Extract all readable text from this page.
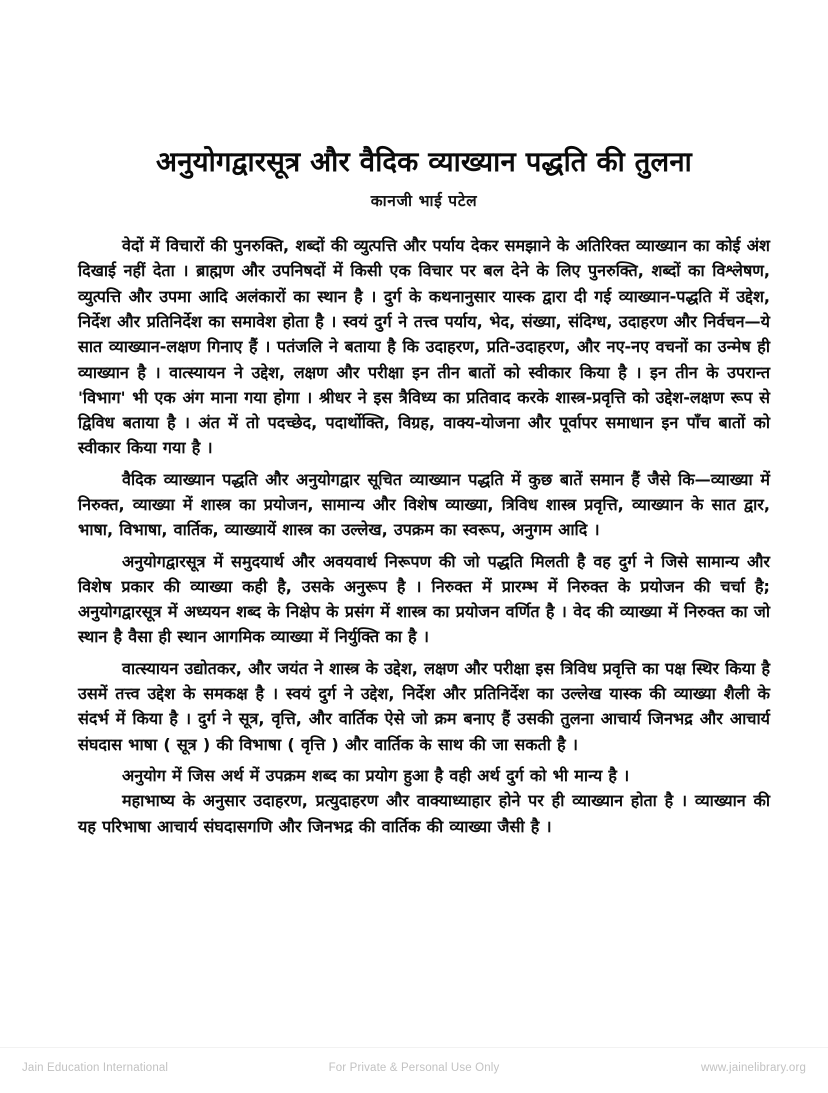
अनुयोगद्वारसूत्र और वैदिक व्याख्यान पद्धति की तुलना
कानजी भाई पटेल

वेदों में विचारों की पुनरुक्ति, शब्दों की व्युत्पत्ति और पर्याय देकर समझाने के अतिरिक्त व्याख्यान का कोई अंश दिखाई नहीं देता । ब्राह्मण और उपनिषदों में किसी एक विचार पर बल देने के लिए पुनरुक्ति, शब्दों का विश्लेषण, व्युत्पत्ति और उपमा आदि अलंकारों का स्थान है । दुर्ग के कथनानुसार यास्क द्वारा दी गई व्याख्यान-पद्धति में उद्देश, निर्देश और प्रतिनिर्देश का समावेश होता है । स्वयं दुर्ग ने तत्त्व पर्याय, भेद, संख्या, संदिग्ध, उदाहरण और निर्वचन—ये सात व्याख्यान-लक्षण गिनाए हैं । पतंजलि ने बताया है कि उदाहरण, प्रति-उदाहरण, और नए-नए वचनों का उन्मेष ही व्याख्यान है । वात्स्यायन ने उद्देश, लक्षण और परीक्षा इन तीन बातों को स्वीकार किया है । इन तीन के उपरान्त 'विभाग' भी एक अंग माना गया होगा । श्रीधर ने इस त्रैविध्य का प्रतिवाद करके शास्त्र-प्रवृत्ति को उद्देश-लक्षण रूप से द्विविध बताया है । अंत में तो पदच्छेद, पदार्थोक्ति, विग्रह, वाक्य-योजना और पूर्वापर समाधान इन पाँच बातों को स्वीकार किया गया है ।

वैदिक व्याख्यान पद्धति और अनुयोगद्वार सूचित व्याख्यान पद्धति में कुछ बातें समान हैं जैसे कि—व्याख्या में निरुक्त, व्याख्या में शास्त्र का प्रयोजन, सामान्य और विशेष व्याख्या, त्रिविध शास्त्र प्रवृत्ति, व्याख्यान के सात द्वार, भाषा, विभाषा, वार्तिक, व्याख्यायें शास्त्र का उल्लेख, उपक्रम का स्वरूप, अनुगम आदि ।

अनुयोगद्वारसूत्र में समुदयार्थ और अवयवार्थ निरूपण की जो पद्धति मिलती है वह दुर्ग ने जिसे सामान्य और विशेष प्रकार की व्याख्या कही है, उसके अनुरूप है । निरुक्त में प्रारम्भ में निरुक्त के प्रयोजन की चर्चा है; अनुयोगद्वारसूत्र में अध्ययन शब्द के निक्षेप के प्रसंग में शास्त्र का प्रयोजन वर्णित है । वेद की व्याख्या में निरुक्त का जो स्थान है वैसा ही स्थान आगमिक व्याख्या में निर्युक्ति का है ।

वात्स्यायन उद्योतकर, और जयंत ने शास्त्र के उद्देश, लक्षण और परीक्षा इस त्रिविध प्रवृत्ति का पक्ष स्थिर किया है उसमें तत्त्व उद्देश के समकक्ष है । स्वयं दुर्ग ने उद्देश, निर्देश और प्रतिनिर्देश का उल्लेख यास्क की व्याख्या शैली के संदर्भ में किया है । दुर्ग ने सूत्र, वृत्ति, और वार्तिक ऐसे जो क्रम बनाए हैं उसकी तुलना आचार्य जिनभद्र और आचार्य संघदास भाषा ( सूत्र ) की विभाषा ( वृत्ति ) और वार्तिक के साथ की जा सकती है ।

अनुयोग में जिस अर्थ में उपक्रम शब्द का प्रयोग हुआ है वही अर्थ दुर्ग को भी मान्य है ।

महाभाष्य के अनुसार उदाहरण, प्रत्युदाहरण और वाक्याध्याहार होने पर ही व्याख्यान होता है । व्याख्यान की यह परिभाषा आचार्य संघदासगणि और जिनभद्र की वार्तिक की व्याख्या जैसी है ।

Jain Education International	For Private & Personal Use Only	www.jainelibrary.org
